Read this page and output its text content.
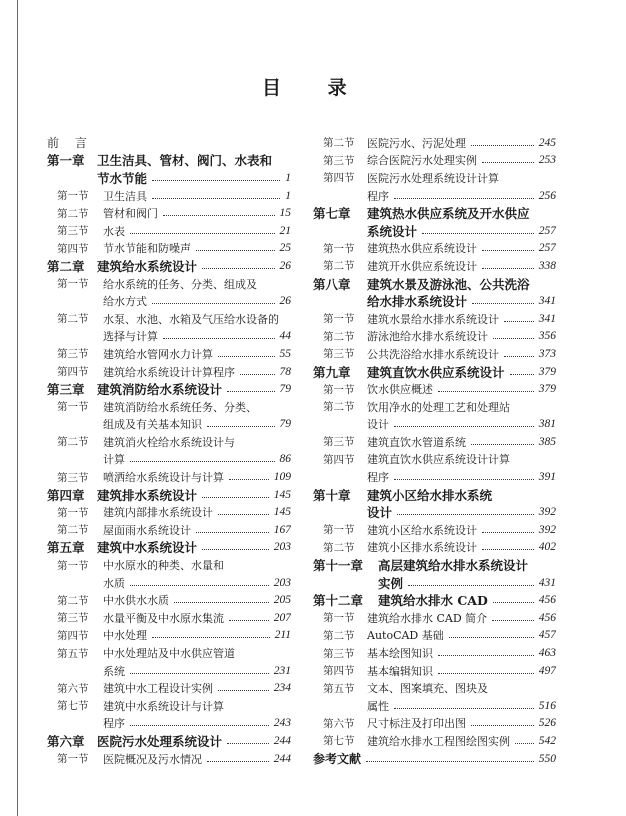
目 录
前 言
第一章 卫生洁具、管材、阀门、水表和
节水节能	1
第一节	卫生洁具	1
第二节	管材和阀门	15
第三节	水表	21
第四节	节水节能和防噪声	25
第二章 建筑给水系统设计	26
第一节	给水系统的任务、分类、组成及
给水方式	26
第二节	水泵、水池、水箱及气压给水设备的
选择与计算	44
第三节	建筑给水管网水力计算	55
第四节	建筑给水系统设计计算程序	78
第三章 建筑消防给水系统设计	79
第一节	建筑消防给水系统任务、分类、
组成及有关基本知识	79
第二节	建筑消火栓给水系统设计与
计算	86
第三节	喷洒给水系统设计与计算	109
第四章 建筑排水系统设计	145
第一节	建筑内部排水系统设计	145
第二节	屋面雨水系统设计	167
第五章 建筑中水系统设计	203
第一节	中水原水的种类、水量和
水质	203
第二节	中水供水水质	205
第三节	水量平衡及中水原水集流	207
第四节	中水处理	211
第五节	中水处理站及中水供应管道
系统	231
第六节	建筑中水工程设计实例	234
第七节	建筑中水系统设计与计算
程序	243
第六章 医院污水处理系统设计	244
第一节	医院概况及污水情况	244
第二节	医院污水、污泥处理	245
第三节	综合医院污水处理实例	253
第四节	医院污水处理系统设计计算
程序	256
第七章	建筑热水供应系统及开水供应
系统设计	257
第一节	建筑热水供应系统设计	257
第二节	建筑开水供应系统设计	338
第八章	建筑水景及游泳池、公共洗浴
给水排水系统设计	341
第一节	建筑水景给水排水系统设计	341
第二节	游泳池给水排水系统设计	356
第三节	公共洗浴给水排水系统设计	373
第九章	建筑直饮水供应系统设计	379
第一节	饮水供应概述	379
第二节	饮用净水的处理工艺和处理站
设计	381
第三节	建筑直饮水管道系统	385
第四节	建筑直饮水供应系统设计计算
程序	391
第十章	建筑小区给水排水系统
设计	392
第一节	建筑小区给水系统设计	392
第二节	建筑小区排水系统设计	402
第十一章	高层建筑给水排水系统设计
实例	431
第十二章	建筑给水排水 CAD	456
第一节	建筑给水排水 CAD 简介	456
第二节	AutoCAD 基础	457
第三节	基本绘图知识	463
第四节	基本编辑知识	497
第五节	文本、图案填充、图块及
属性	516
第六节	尺寸标注及打印出图	526
第七节	建筑给水排水工程图绘图实例	542
参考文献	550
